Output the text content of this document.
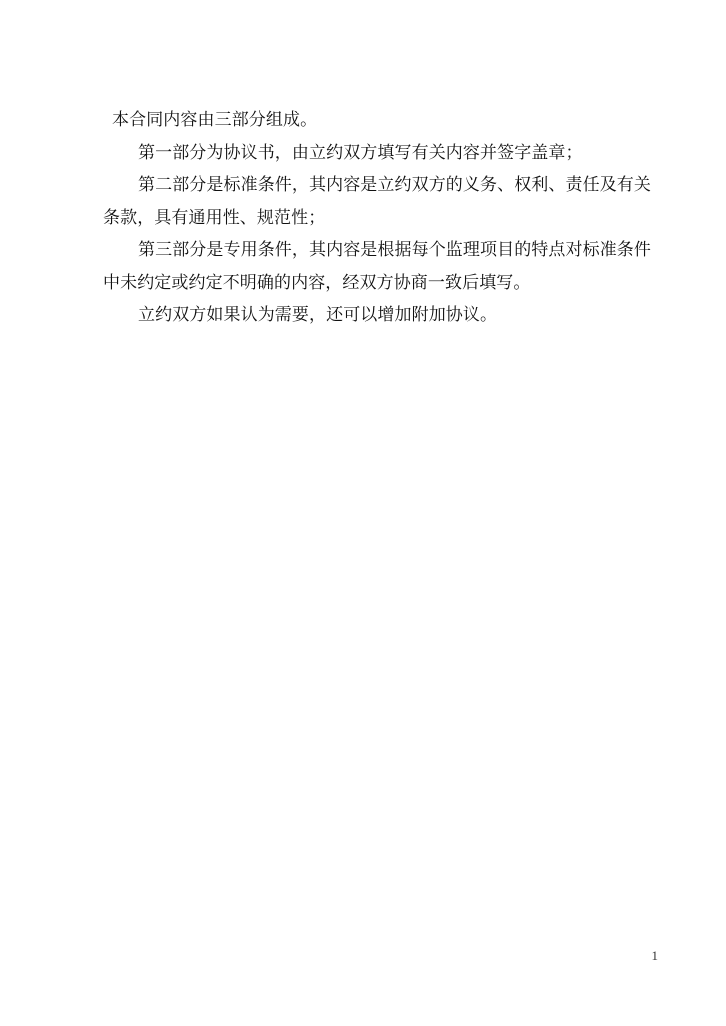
本合同内容由三部分组成。
第一部分为协议书，由立约双方填写有关内容并签字盖章；
第二部分是标准条件，其内容是立约双方的义务、权利、责任及有关
条款，具有通用性、规范性；
第三部分是专用条件，其内容是根据每个监理项目的特点对标准条件
中未约定或约定不明确的内容，经双方协商一致后填写。
立约双方如果认为需要，还可以增加附加协议。
1
